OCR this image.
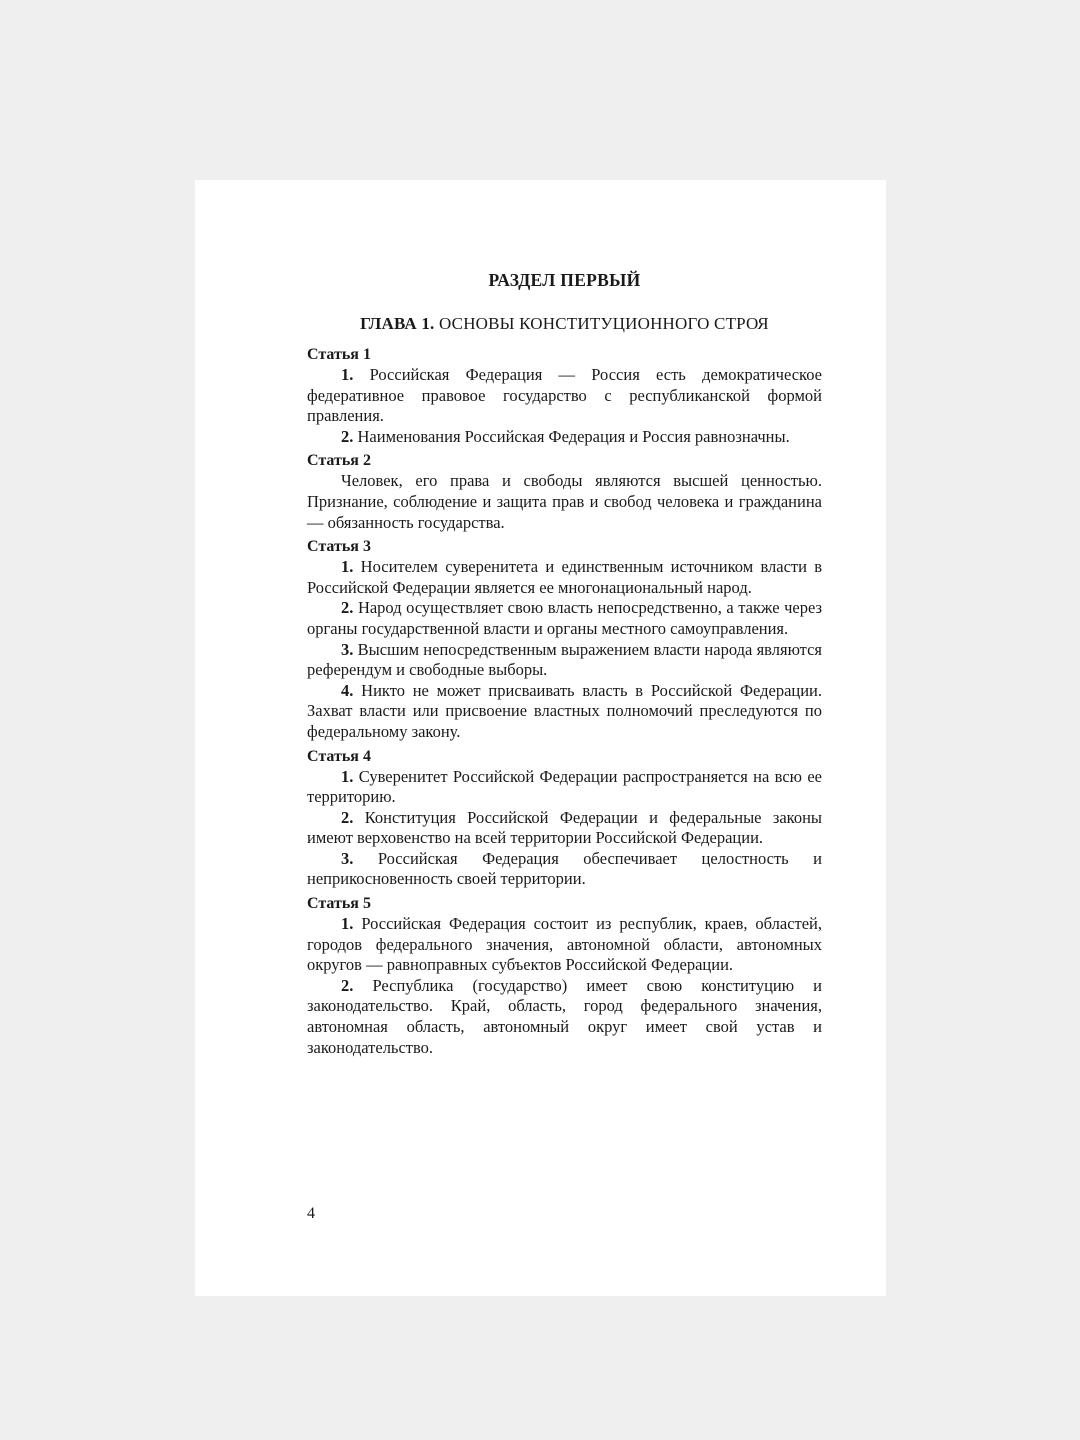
РАЗДЕЛ ПЕРВЫЙ
ГЛАВА 1. ОСНОВЫ КОНСТИТУЦИОННОГО СТРОЯ
Статья 1

1. Российская Федерация — Россия есть демократическое федеративное правовое государство с республиканской формой правления.

2. Наименования Российская Федерация и Россия равнозначны.

Статья 2

Человек, его права и свободы являются высшей ценностью. Признание, соблюдение и защита прав и свобод человека и гражданина — обязанность государства.

Статья 3

1. Носителем суверенитета и единственным источником власти в Российской Федерации является ее многонациональный народ.

2. Народ осуществляет свою власть непосредственно, а также через органы государственной власти и органы местного самоуправления.

3. Высшим непосредственным выражением власти народа являются референдум и свободные выборы.

4. Никто не может присваивать власть в Российской Федерации. Захват власти или присвоение властных полномочий преследуются по федеральному закону.

Статья 4

1. Суверенитет Российской Федерации распространяется на всю ее территорию.

2. Конституция Российской Федерации и федеральные законы имеют верховенство на всей территории Российской Федерации.

3. Российская Федерация обеспечивает целостность и неприкосновенность своей территории.

Статья 5

1. Российская Федерация состоит из республик, краев, областей, городов федерального значения, автономной области, автономных округов — равноправных субъектов Российской Федерации.

2. Республика (государство) имеет свою конституцию и законодательство. Край, область, город федерального значения, автономная область, автономный округ имеет свой устав и законодательство.

4
